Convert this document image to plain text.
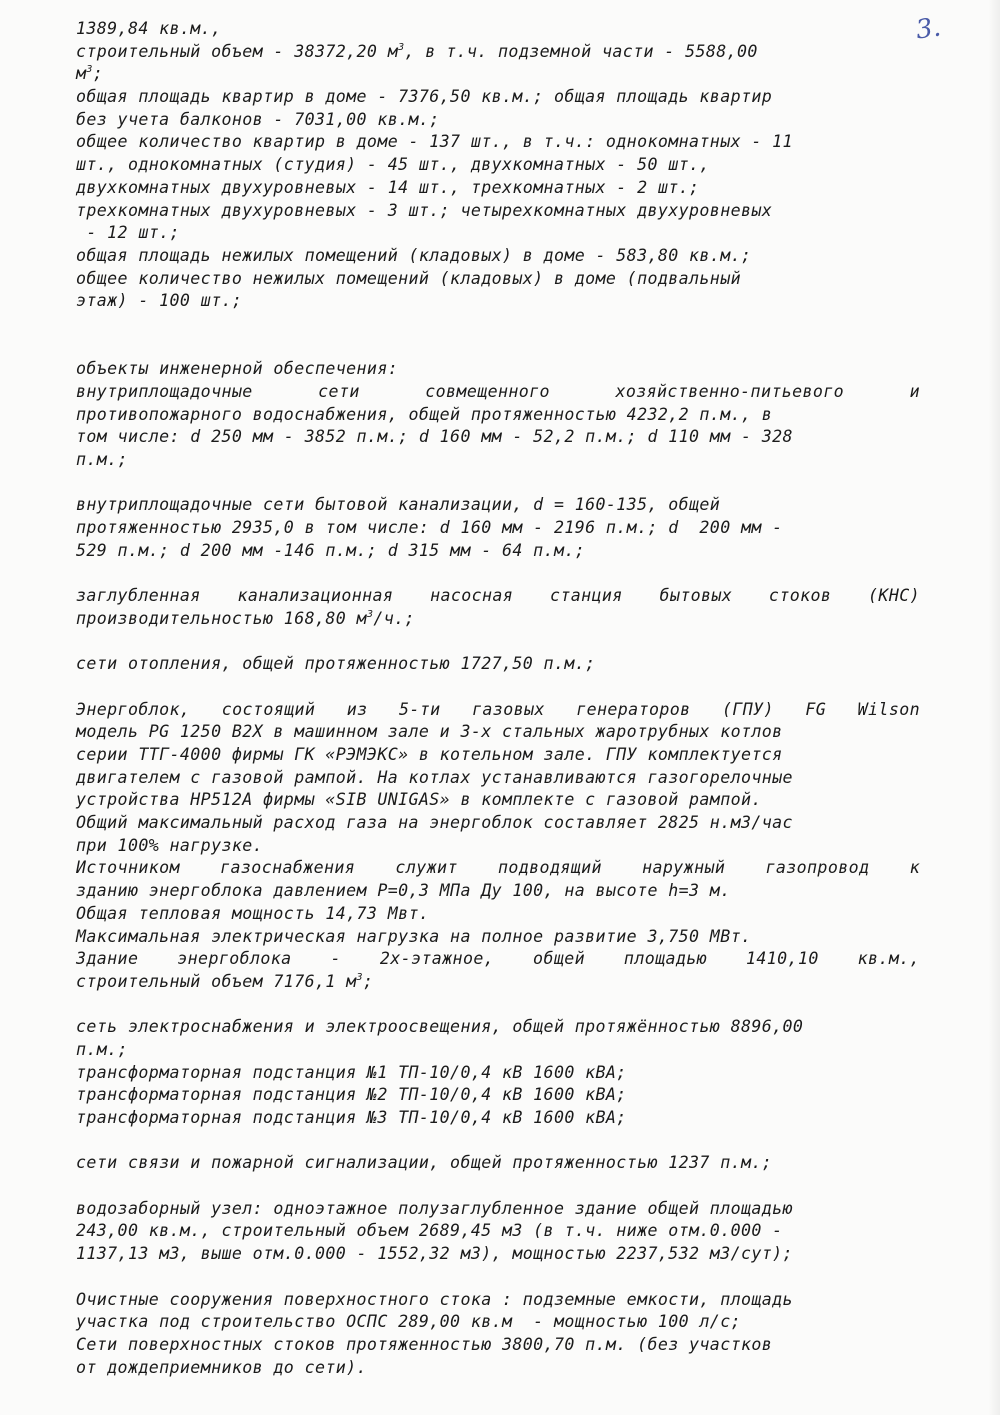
3.
1389,84 кв.м.,
строительный объем - 38372,20 $м^3$, в т.ч. подземной части - 5588,00
$м^3$;
общая площадь квартир в доме - 7376,50 кв.м.; общая площадь квартир
без учета балконов - 7031,00 кв.м.;
общее количество квартир в доме - 137 шт., в т.ч.: однокомнатных - 11
шт., однокомнатных (студия) - 45 шт., двухкомнатных - 50 шт.,
двухкомнатных двухуровневых - 14 шт., трехкомнатных - 2 шт.;
трехкомнатных двухуровневых - 3 шт.; четырехкомнатных двухуровневых
- 12 шт.;
общая площадь нежилых помещений (кладовых) в доме - 583,80 кв.м.;
общее количество нежилых помещений (кладовых) в доме (подвальный
этаж) - 100 шт.;
объекты инженерной обеспечения:
внутриплощадочные сети совмещенного хозяйственно-питьевого и
противопожарного водоснабжения, общей протяженностью 4232,2 п.м., в
том числе: d 250 мм - 3852 п.м.; d 160 мм - 52,2 п.м.; d 110 мм - 328
п.м.;
внутриплощадочные сети бытовой канализации, d = 160-135, общей
протяженностью 2935,0 в том числе: d 160 мм - 2196 п.м.; d  200 мм -
529 п.м.; d 200 мм -146 п.м.; d 315 мм - 64 п.м.;
заглубленная канализационная насосная станция бытовых стоков (КНС)
производительностью 168,80 $м^3/ч$.;
сети отопления, общей протяженностью 1727,50 п.м.;
Энергоблок, состоящий из 5-ти газовых генераторов (ГПУ) FG Wilson
модель PG 1250 B2X в машинном зале и 3-х стальных жаротрубных котлов
серии ТТГ-4000 фирмы ГК «РЭМЭКС» в котельном зале. ГПУ комплектуется
двигателем с газовой рампой. На котлах устанавливаются газогорелочные
устройства HP512A фирмы «SIB UNIGAS» в комплекте с газовой рампой.
Общий максимальный расход газа на энергоблок составляет 2825 н.м3/час
при 100% нагрузке.
Источником газоснабжения служит подводящий наружный газопровод к
зданию энергоблока давлением P=0,3 МПа Ду 100, на высоте h=3 м.
Общая тепловая мощность 14,73 Мвт.
Максимальная электрическая нагрузка на полное развитие 3,750 МВт.
Здание энергоблока - 2х-этажное, общей площадью 1410,10 кв.м.,
строительный объем 7176,1 $м^3$;
сеть электроснабжения и электроосвещения, общей протяжённостью 8896,00
п.м.;
трансформаторная подстанция №1 ТП-10/0,4 кВ 1600 кВА;
трансформаторная подстанция №2 ТП-10/0,4 кВ 1600 кВА;
трансформаторная подстанция №3 ТП-10/0,4 кВ 1600 кВА;
сети связи и пожарной сигнализации, общей протяженностью 1237 п.м.;
водозаборный узел: одноэтажное полузаглубленное здание общей площадью
243,00 кв.м., строительный объем 2689,45 м3 (в т.ч. ниже отм.0.000 -
1137,13 м3, выше отм.0.000 - 1552,32 м3), мощностью 2237,532 м3/сут);
Очистные сооружения поверхностного стока : подземные емкости, площадь
участка под строительство ОСПС 289,00 кв.м  - мощностью 100 л/с;
Сети поверхностных стоков протяженностью 3800,70 п.м. (без участков
от дождеприемников до сети).
